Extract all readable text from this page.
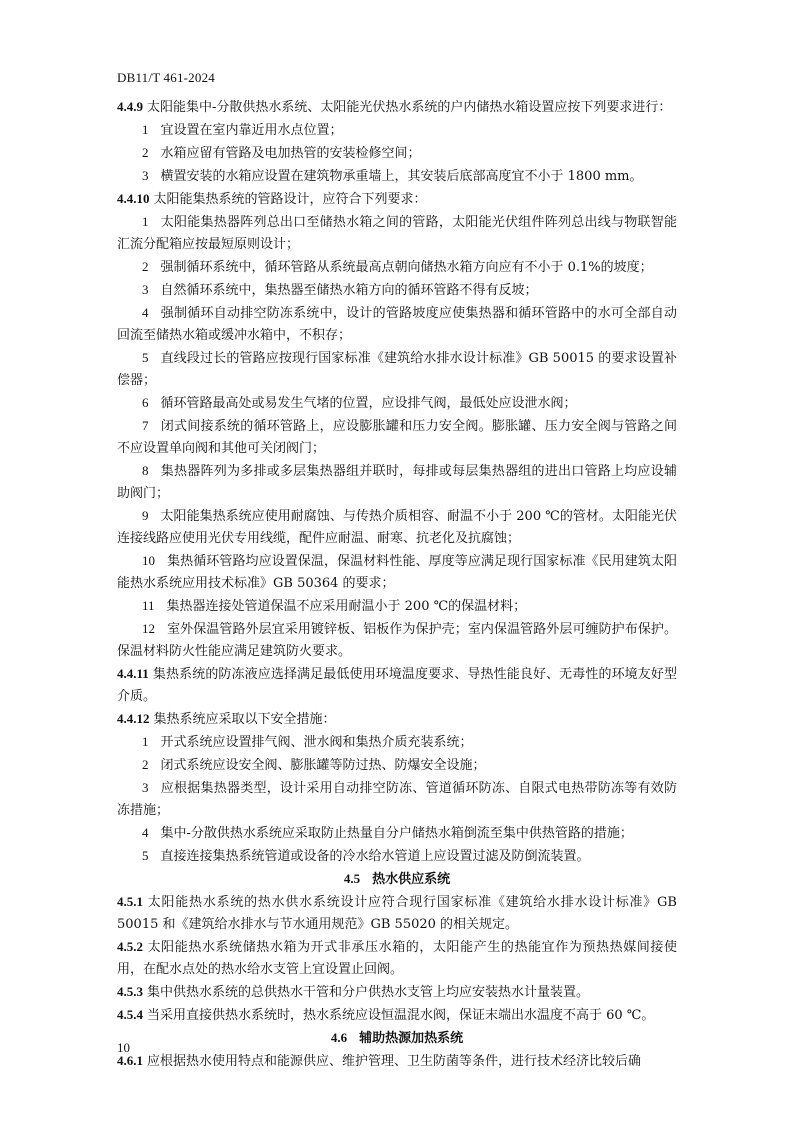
DB11/T 461-2024

4.4.9 太阳能集中-分散供热水系统、太阳能光伏热水系统的户内储热水箱设置应按下列要求进行：

1 宜设置在室内靠近用水点位置；

2 水箱应留有管路及电加热管的安装检修空间；

3 横置安装的水箱应设置在建筑物承重墙上，其安装后底部高度宜不小于 1800 mm。

4.4.10 太阳能集热系统的管路设计，应符合下列要求：

1 太阳能集热器阵列总出口至储热水箱之间的管路，太阳能光伏组件阵列总出线与物联智能汇流分配箱应按最短原则设计；

2 强制循环系统中，循环管路从系统最高点朝向储热水箱方向应有不小于 0.1%的坡度；

3 自然循环系统中，集热器至储热水箱方向的循环管路不得有反坡；

4 强制循环自动排空防冻系统中，设计的管路坡度应使集热器和循环管路中的水可全部自动回流至储热水箱或缓冲水箱中，不积存；

5 直线段过长的管路应按现行国家标准《建筑给水排水设计标准》GB 50015 的要求设置补偿器；

6 循环管路最高处或易发生气堵的位置，应设排气阀，最低处应设泄水阀；

7 闭式间接系统的循环管路上，应设膨胀罐和压力安全阀。膨胀罐、压力安全阀与管路之间不应设置单向阀和其他可关闭阀门；

8 集热器阵列为多排或多层集热器组并联时，每排或每层集热器组的进出口管路上均应设辅助阀门；

9 太阳能集热系统应使用耐腐蚀、与传热介质相容、耐温不小于 200 ℃的管材。太阳能光伏连接线路应使用光伏专用线缆，配件应耐温、耐寒、抗老化及抗腐蚀；

10 集热循环管路均应设置保温，保温材料性能、厚度等应满足现行国家标准《民用建筑太阳能热水系统应用技术标准》GB 50364 的要求；

11 集热器连接处管道保温不应采用耐温小于 200 ℃的保温材料；

12 室外保温管路外层宜采用镀锌板、铝板作为保护壳；室内保温管路外层可缠防护布保护。保温材料防火性能应满足建筑防火要求。

4.4.11 集热系统的防冻液应选择满足最低使用环境温度要求、导热性能良好、无毒性的环境友好型介质。

4.4.12 集热系统应采取以下安全措施：

1 开式系统应设置排气阀、泄水阀和集热介质充装系统；

2 闭式系统应设安全阀、膨胀罐等防过热、防爆安全设施；

3 应根据集热器类型，设计采用自动排空防冻、管道循环防冻、自限式电热带防冻等有效防冻措施；

4 集中-分散供热水系统应采取防止热量自分户储热水箱倒流至集中供热管路的措施；

5 直接连接集热系统管道或设备的冷水给水管道上应设置过滤及防倒流装置。

4.5 热水供应系统

4.5.1 太阳能热水系统的热水供水系统设计应符合现行国家标准《建筑给水排水设计标准》GB 50015 和《建筑给水排水与节水通用规范》GB 55020 的相关规定。

4.5.2 太阳能热水系统储热水箱为开式非承压水箱的，太阳能产生的热能宜作为预热热媒间接使用，在配水点处的热水给水支管上宜设置止回阀。

4.5.3 集中供热水系统的总供热水干管和分户供热水支管上均应安装热水计量装置。

4.5.4 当采用直接供热水系统时，热水系统应设恒温混水阀，保证末端出水温度不高于 60 ℃。

4.6 辅助热源加热系统

4.6.1 应根据热水使用特点和能源供应、维护管理、卫生防菌等条件，进行技术经济比较后确

10
